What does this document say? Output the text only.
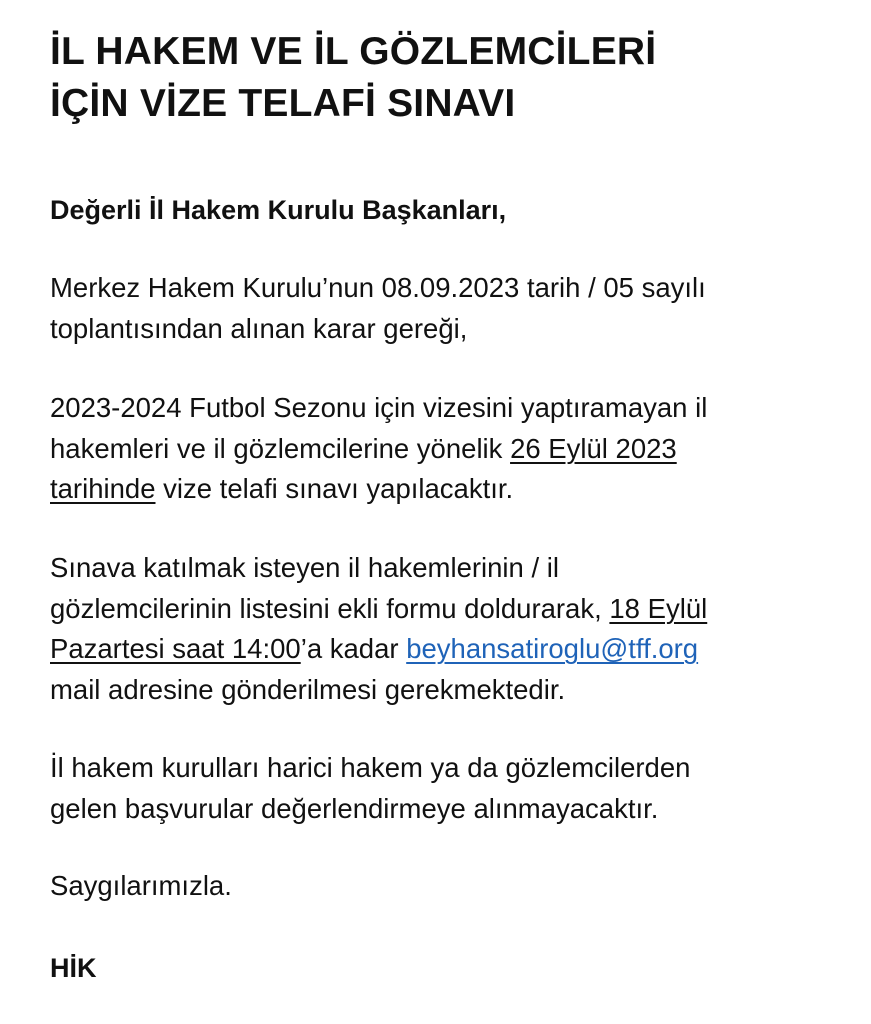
İL HAKEM VE İL GÖZLEMCİLERİ
İÇİN VİZE TELAFİ SINAVI
Değerli İl Hakem Kurulu Başkanları,
Merkez Hakem Kurulu’nun 08.09.2023 tarih / 05 sayılı
toplantısından alınan karar gereği,
2023-2024 Futbol Sezonu için vizesini yaptıramayan il
hakemleri ve il gözlemcilerine yönelik 26 Eylül 2023
tarihinde vize telafi sınavı yapılacaktır.
Sınava katılmak isteyen il hakemlerinin / il
gözlemcilerinin listesini ekli formu doldurarak, 18 Eylül
Pazartesi saat 14:00’a kadar beyhansatiroglu@tff.org
mail adresine gönderilmesi gerekmektedir.
İl hakem kurulları harici hakem ya da gözlemcilerden
gelen başvurular değerlendirmeye alınmayacaktır.
Saygılarımızla.
HİK
